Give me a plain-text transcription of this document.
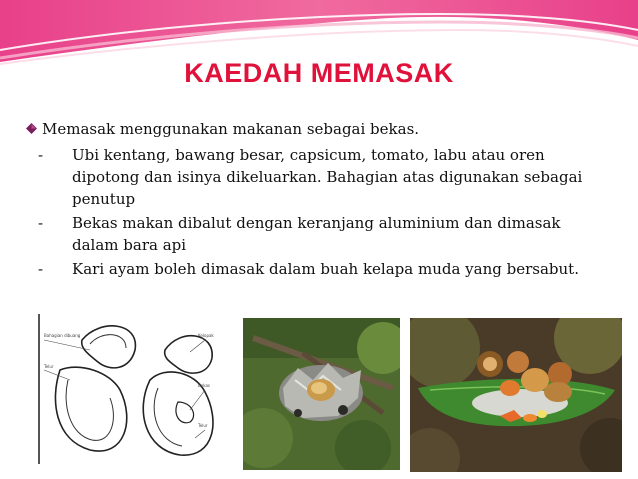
KAEDAH MEMASAK
Memasak menggunakan makanan sebagai bekas.
- Ubi kentang, bawang besar, capsicum, tomato, labu atau oren
dipotong dan isinya dikeluarkan. Bahagian atas digunakan sebagai
penutup
- Bekas makan dibalut dengan keranjang aluminium dan dimasak
dalam bara api
- Kari ayam boleh dimasak dalam buah kelapa muda yang bersabut.
Bahagian dibuang
Telur
Kelopak
Bekas
Telur
